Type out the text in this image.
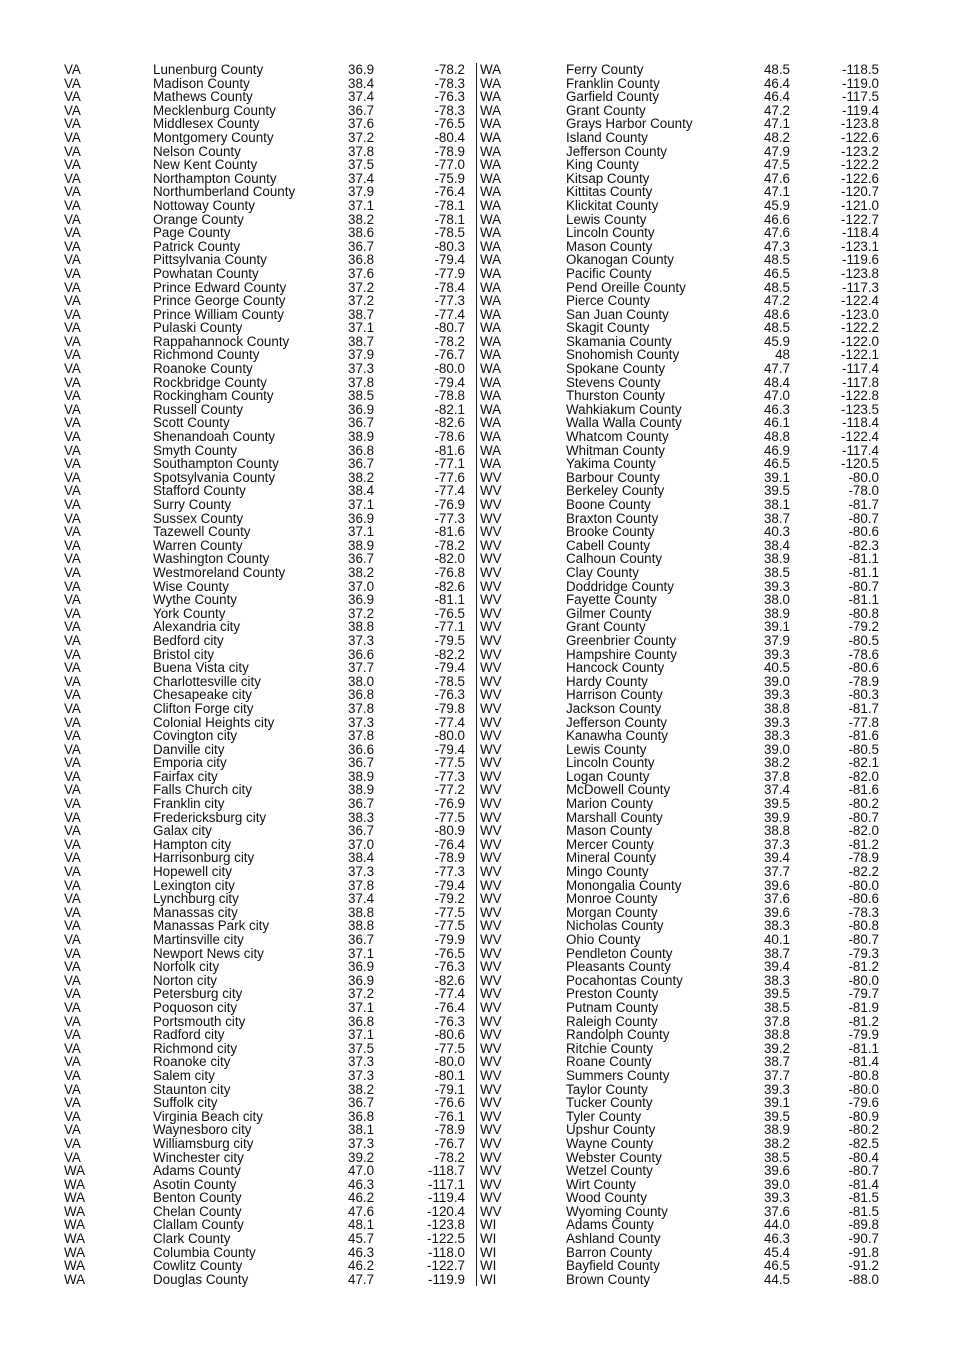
VA	Lunenburg County	36.9	-78.2
VA	Madison County	38.4	-78.3
VA	Mathews County	37.4	-76.3
VA	Mecklenburg County	36.7	-78.3
VA	Middlesex County	37.6	-76.5
VA	Montgomery County	37.2	-80.4
VA	Nelson County	37.8	-78.9
VA	New Kent County	37.5	-77.0
VA	Northampton County	37.4	-75.9
VA	Northumberland County	37.9	-76.4
VA	Nottoway County	37.1	-78.1
VA	Orange County	38.2	-78.1
VA	Page County	38.6	-78.5
VA	Patrick County	36.7	-80.3
VA	Pittsylvania County	36.8	-79.4
VA	Powhatan County	37.6	-77.9
VA	Prince Edward County	37.2	-78.4
VA	Prince George County	37.2	-77.3
VA	Prince William County	38.7	-77.4
VA	Pulaski County	37.1	-80.7
VA	Rappahannock County	38.7	-78.2
VA	Richmond County	37.9	-76.7
VA	Roanoke County	37.3	-80.0
VA	Rockbridge County	37.8	-79.4
VA	Rockingham County	38.5	-78.8
VA	Russell County	36.9	-82.1
VA	Scott County	36.7	-82.6
VA	Shenandoah County	38.9	-78.6
VA	Smyth County	36.8	-81.6
VA	Southampton County	36.7	-77.1
VA	Spotsylvania County	38.2	-77.6
VA	Stafford County	38.4	-77.4
VA	Surry County	37.1	-76.9
VA	Sussex County	36.9	-77.3
VA	Tazewell County	37.1	-81.6
VA	Warren County	38.9	-78.2
VA	Washington County	36.7	-82.0
VA	Westmoreland County	38.2	-76.8
VA	Wise County	37.0	-82.6
VA	Wythe County	36.9	-81.1
VA	York County	37.2	-76.5
VA	Alexandria city	38.8	-77.1
VA	Bedford city	37.3	-79.5
VA	Bristol city	36.6	-82.2
VA	Buena Vista city	37.7	-79.4
VA	Charlottesville city	38.0	-78.5
VA	Chesapeake city	36.8	-76.3
VA	Clifton Forge city	37.8	-79.8
VA	Colonial Heights city	37.3	-77.4
VA	Covington city	37.8	-80.0
VA	Danville city	36.6	-79.4
VA	Emporia city	36.7	-77.5
VA	Fairfax city	38.9	-77.3
VA	Falls Church city	38.9	-77.2
VA	Franklin city	36.7	-76.9
VA	Fredericksburg city	38.3	-77.5
VA	Galax city	36.7	-80.9
VA	Hampton city	37.0	-76.4
VA	Harrisonburg city	38.4	-78.9
VA	Hopewell city	37.3	-77.3
VA	Lexington city	37.8	-79.4
VA	Lynchburg city	37.4	-79.2
VA	Manassas city	38.8	-77.5
VA	Manassas Park city	38.8	-77.5
VA	Martinsville city	36.7	-79.9
VA	Newport News city	37.1	-76.5
VA	Norfolk city	36.9	-76.3
VA	Norton city	36.9	-82.6
VA	Petersburg city	37.2	-77.4
VA	Poquoson city	37.1	-76.4
VA	Portsmouth city	36.8	-76.3
VA	Radford city	37.1	-80.6
VA	Richmond city	37.5	-77.5
VA	Roanoke city	37.3	-80.0
VA	Salem city	37.3	-80.1
VA	Staunton city	38.2	-79.1
VA	Suffolk city	36.7	-76.6
VA	Virginia Beach city	36.8	-76.1
VA	Waynesboro city	38.1	-78.9
VA	Williamsburg city	37.3	-76.7
VA	Winchester city	39.2	-78.2
WA	Adams County	47.0	-118.7
WA	Asotin County	46.3	-117.1
WA	Benton County	46.2	-119.4
WA	Chelan County	47.6	-120.4
WA	Clallam County	48.1	-123.8
WA	Clark County	45.7	-122.5
WA	Columbia County	46.3	-118.0
WA	Cowlitz County	46.2	-122.7
WA	Douglas County	47.7	-119.9
WA	Ferry County	48.5	-118.5
WA	Franklin County	46.4	-119.0
WA	Garfield County	46.4	-117.5
WA	Grant County	47.2	-119.4
WA	Grays Harbor County	47.1	-123.8
WA	Island County	48.2	-122.6
WA	Jefferson County	47.9	-123.2
WA	King County	47.5	-122.2
WA	Kitsap County	47.6	-122.6
WA	Kittitas County	47.1	-120.7
WA	Klickitat County	45.9	-121.0
WA	Lewis County	46.6	-122.7
WA	Lincoln County	47.6	-118.4
WA	Mason County	47.3	-123.1
WA	Okanogan County	48.5	-119.6
WA	Pacific County	46.5	-123.8
WA	Pend Oreille County	48.5	-117.3
WA	Pierce County	47.2	-122.4
WA	San Juan County	48.6	-123.0
WA	Skagit County	48.5	-122.2
WA	Skamania County	45.9	-122.0
WA	Snohomish County	48	-122.1
WA	Spokane County	47.7	-117.4
WA	Stevens County	48.4	-117.8
WA	Thurston County	47.0	-122.8
WA	Wahkiakum County	46.3	-123.5
WA	Walla Walla County	46.1	-118.4
WA	Whatcom County	48.8	-122.4
WA	Whitman County	46.9	-117.4
WA	Yakima County	46.5	-120.5
WV	Barbour County	39.1	-80.0
WV	Berkeley County	39.5	-78.0
WV	Boone County	38.1	-81.7
WV	Braxton County	38.7	-80.7
WV	Brooke County	40.3	-80.6
WV	Cabell County	38.4	-82.3
WV	Calhoun County	38.9	-81.1
WV	Clay County	38.5	-81.1
WV	Doddridge County	39.3	-80.7
WV	Fayette County	38.0	-81.1
WV	Gilmer County	38.9	-80.8
WV	Grant County	39.1	-79.2
WV	Greenbrier County	37.9	-80.5
WV	Hampshire County	39.3	-78.6
WV	Hancock County	40.5	-80.6
WV	Hardy County	39.0	-78.9
WV	Harrison County	39.3	-80.3
WV	Jackson County	38.8	-81.7
WV	Jefferson County	39.3	-77.8
WV	Kanawha County	38.3	-81.6
WV	Lewis County	39.0	-80.5
WV	Lincoln County	38.2	-82.1
WV	Logan County	37.8	-82.0
WV	McDowell County	37.4	-81.6
WV	Marion County	39.5	-80.2
WV	Marshall County	39.9	-80.7
WV	Mason County	38.8	-82.0
WV	Mercer County	37.3	-81.2
WV	Mineral County	39.4	-78.9
WV	Mingo County	37.7	-82.2
WV	Monongalia County	39.6	-80.0
WV	Monroe County	37.6	-80.6
WV	Morgan County	39.6	-78.3
WV	Nicholas County	38.3	-80.8
WV	Ohio County	40.1	-80.7
WV	Pendleton County	38.7	-79.3
WV	Pleasants County	39.4	-81.2
WV	Pocahontas County	38.3	-80.0
WV	Preston County	39.5	-79.7
WV	Putnam County	38.5	-81.9
WV	Raleigh County	37.8	-81.2
WV	Randolph County	38.8	-79.9
WV	Ritchie County	39.2	-81.1
WV	Roane County	38.7	-81.4
WV	Summers County	37.7	-80.8
WV	Taylor County	39.3	-80.0
WV	Tucker County	39.1	-79.6
WV	Tyler County	39.5	-80.9
WV	Upshur County	38.9	-80.2
WV	Wayne County	38.2	-82.5
WV	Webster County	38.5	-80.4
WV	Wetzel County	39.6	-80.7
WV	Wirt County	39.0	-81.4
WV	Wood County	39.3	-81.5
WV	Wyoming County	37.6	-81.5
WI	Adams County	44.0	-89.8
WI	Ashland County	46.3	-90.7
WI	Barron County	45.4	-91.8
WI	Bayfield County	46.5	-91.2
WI	Brown County	44.5	-88.0
